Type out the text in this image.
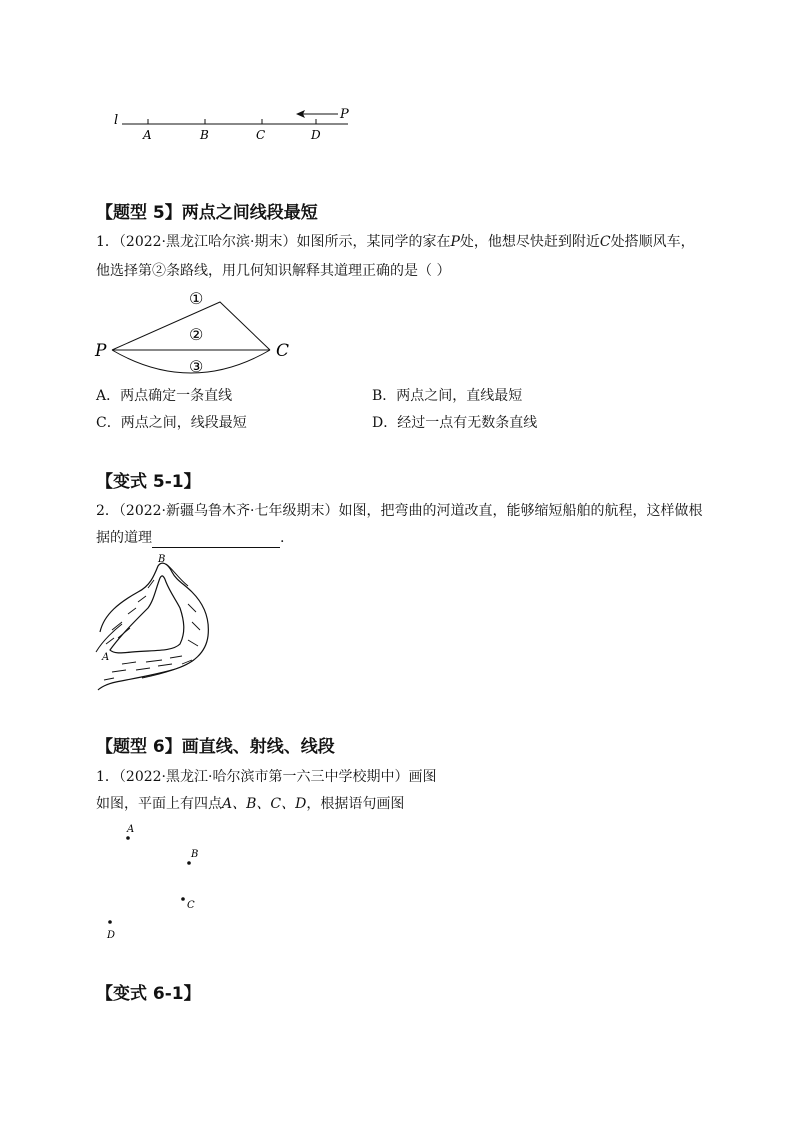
l
A	B	C	D
P
【题型 5】两点之间线段最短
1．（2022·黑龙江哈尔滨·期末）如图所示，某同学的家在P处，他想尽快赶到附近C处搭顺风车，
他选择第②条路线，用几何知识解释其道理正确的是（ ）
①
②
③
P	C
A．两点确定一条直线	B．两点之间，直线最短
C．两点之间，线段最短	D．经过一点有无数条直线
【变式 5-1】
2．（2022·新疆乌鲁木齐·七年级期末）如图，把弯曲的河道改直，能够缩短船舶的航程，这样做根
据的道理	.
B
A
【题型 6】画直线、射线、线段
1．（2022·黑龙江·哈尔滨市第一六三中学校期中）画图
如图，平面上有四点A、B、C、D，根据语句画图
A
B
C
D
【变式 6-1】
